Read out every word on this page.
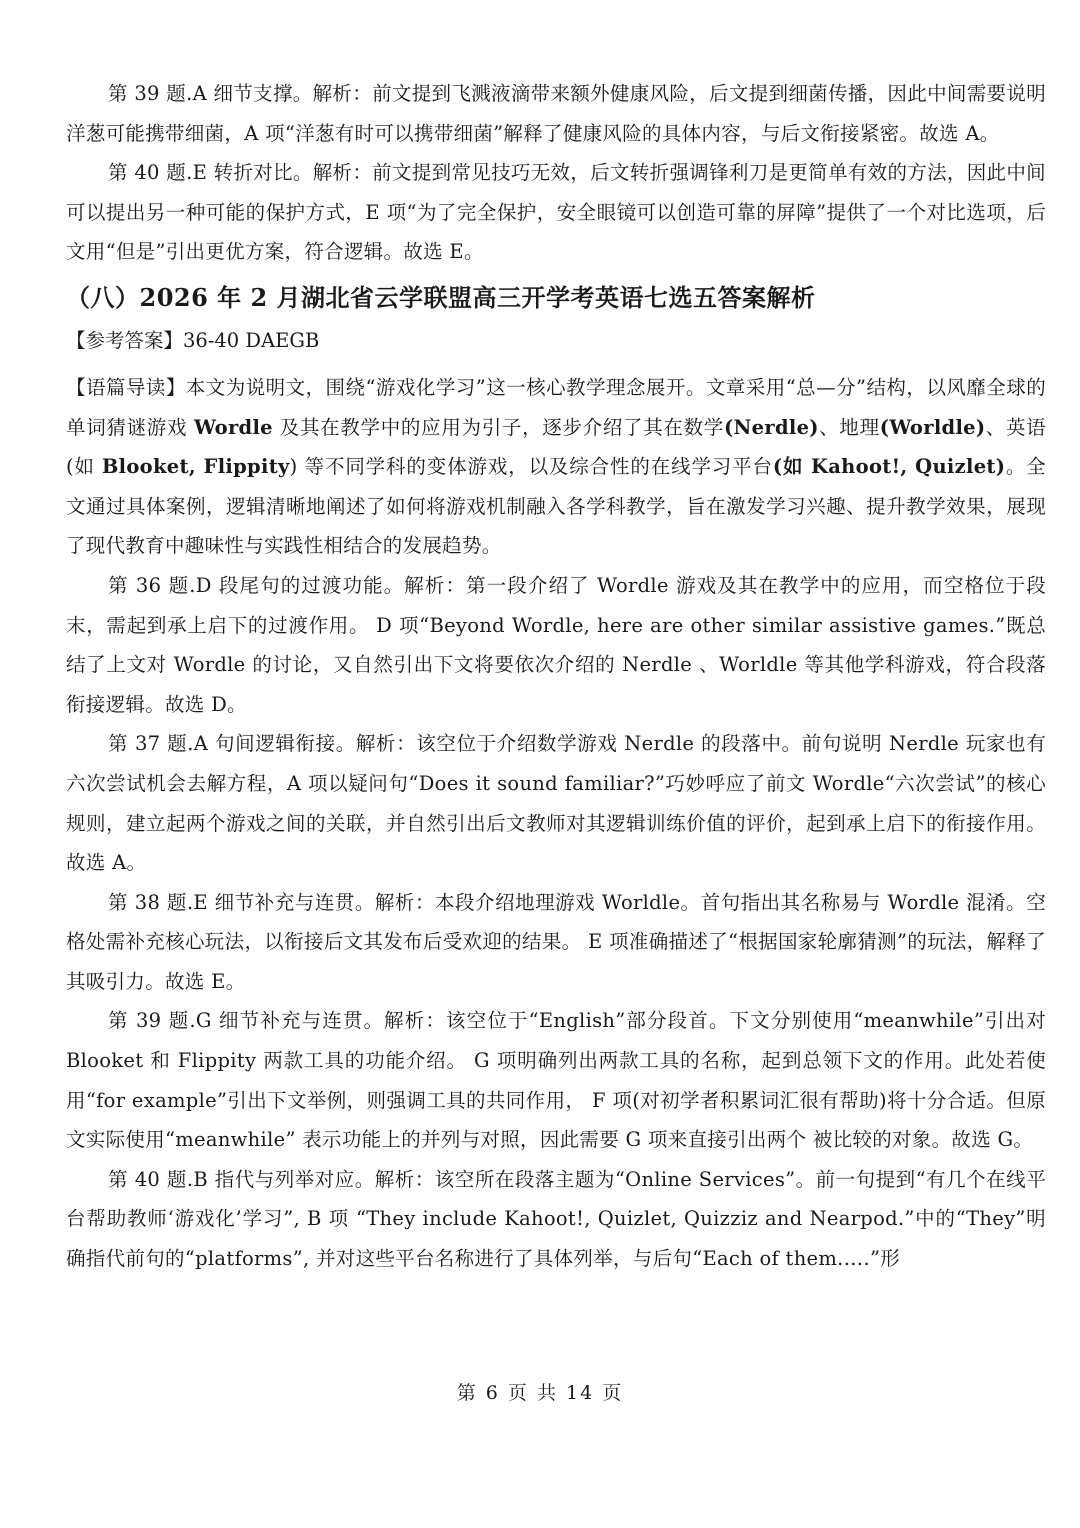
第 39 题.A 细节支撑。解析：前文提到飞溅液滴带来额外健康风险，后文提到细菌传播，因此中间需要说明洋葱可能携带细菌，A 项“洋葱有时可以携带细菌”解释了健康风险的具体内容，与后文衔接紧密。故选 A。

第 40 题.E 转折对比。解析：前文提到常见技巧无效，后文转折强调锋利刀是更简单有效的方法，因此中间可以提出另一种可能的保护方式，E 项“为了完全保护，安全眼镜可以创造可靠的屏障”提供了一个对比选项，后文用“但是”引出更优方案，符合逻辑。故选 E。

（八）2026 年 2 月湖北省云学联盟高三开学考英语七选五答案解析

【参考答案】36-40 DAEGB

【语篇导读】本文为说明文，围绕“游戏化学习”这一核心教学理念展开。文章采用“总—分”结构，以风靡全球的单词猜谜游戏 Wordle 及其在教学中的应用为引子，逐步介绍了其在数学(Nerdle)、地理(Worldle)、英语(如 Blooket, Flippity) 等不同学科的变体游戏，以及综合性的在线学习平台(如 Kahoot!, Quizlet)。全文通过具体案例，逻辑清晰地阐述了如何将游戏机制融入各学科教学，旨在激发学习兴趣、提升教学效果，展现了现代教育中趣味性与实践性相结合的发展趋势。

第 36 题.D 段尾句的过渡功能。解析：第一段介绍了 Wordle 游戏及其在教学中的应用，而空格位于段末，需起到承上启下的过渡作用。 D 项“Beyond Wordle, here are other similar assistive games.”既总结了上文对 Wordle 的讨论，又自然引出下文将要依次介绍的 Nerdle 、Worldle 等其他学科游戏，符合段落衔接逻辑。故选 D。

第 37 题.A 句间逻辑衔接。解析：该空位于介绍数学游戏 Nerdle 的段落中。前句说明 Nerdle 玩家也有六次尝试机会去解方程，A 项以疑问句“Does it sound familiar?”巧妙呼应了前文 Wordle“六次尝试”的核心规则，建立起两个游戏之间的关联，并自然引出后文教师对其逻辑训练价值的评价，起到承上启下的衔接作用。故选 A。

第 38 题.E 细节补充与连贯。解析：本段介绍地理游戏 Worldle。首句指出其名称易与 Wordle 混淆。空格处需补充核心玩法，以衔接后文其发布后受欢迎的结果。 E 项准确描述了“根据国家轮廓猜测”的玩法，解释了其吸引力。故选 E。

第 39 题.G 细节补充与连贯。解析：该空位于“English”部分段首。下文分别使用“meanwhile”引出对 Blooket 和 Flippity 两款工具的功能介绍。 G 项明确列出两款工具的名称，起到总领下文的作用。此处若使用“for example”引出下文举例，则强调工具的共同作用， F 项(对初学者积累词汇很有帮助)将十分合适。但原文实际使用“meanwhile” 表示功能上的并列与对照，因此需要 G 项来直接引出两个 被比较的对象。故选 G。

第 40 题.B 指代与列举对应。解析：该空所在段落主题为“Online Services”。前一句提到“有几个在线平台帮助教师‘游戏化’学习”, B 项 “They include Kahoot!, Quizlet, Quizziz and Nearpod.”中的“They”明确指代前句的“platforms”, 并对这些平台名称进行了具体列举，与后句“Each of them.….”形

第 6 页 共 14 页
